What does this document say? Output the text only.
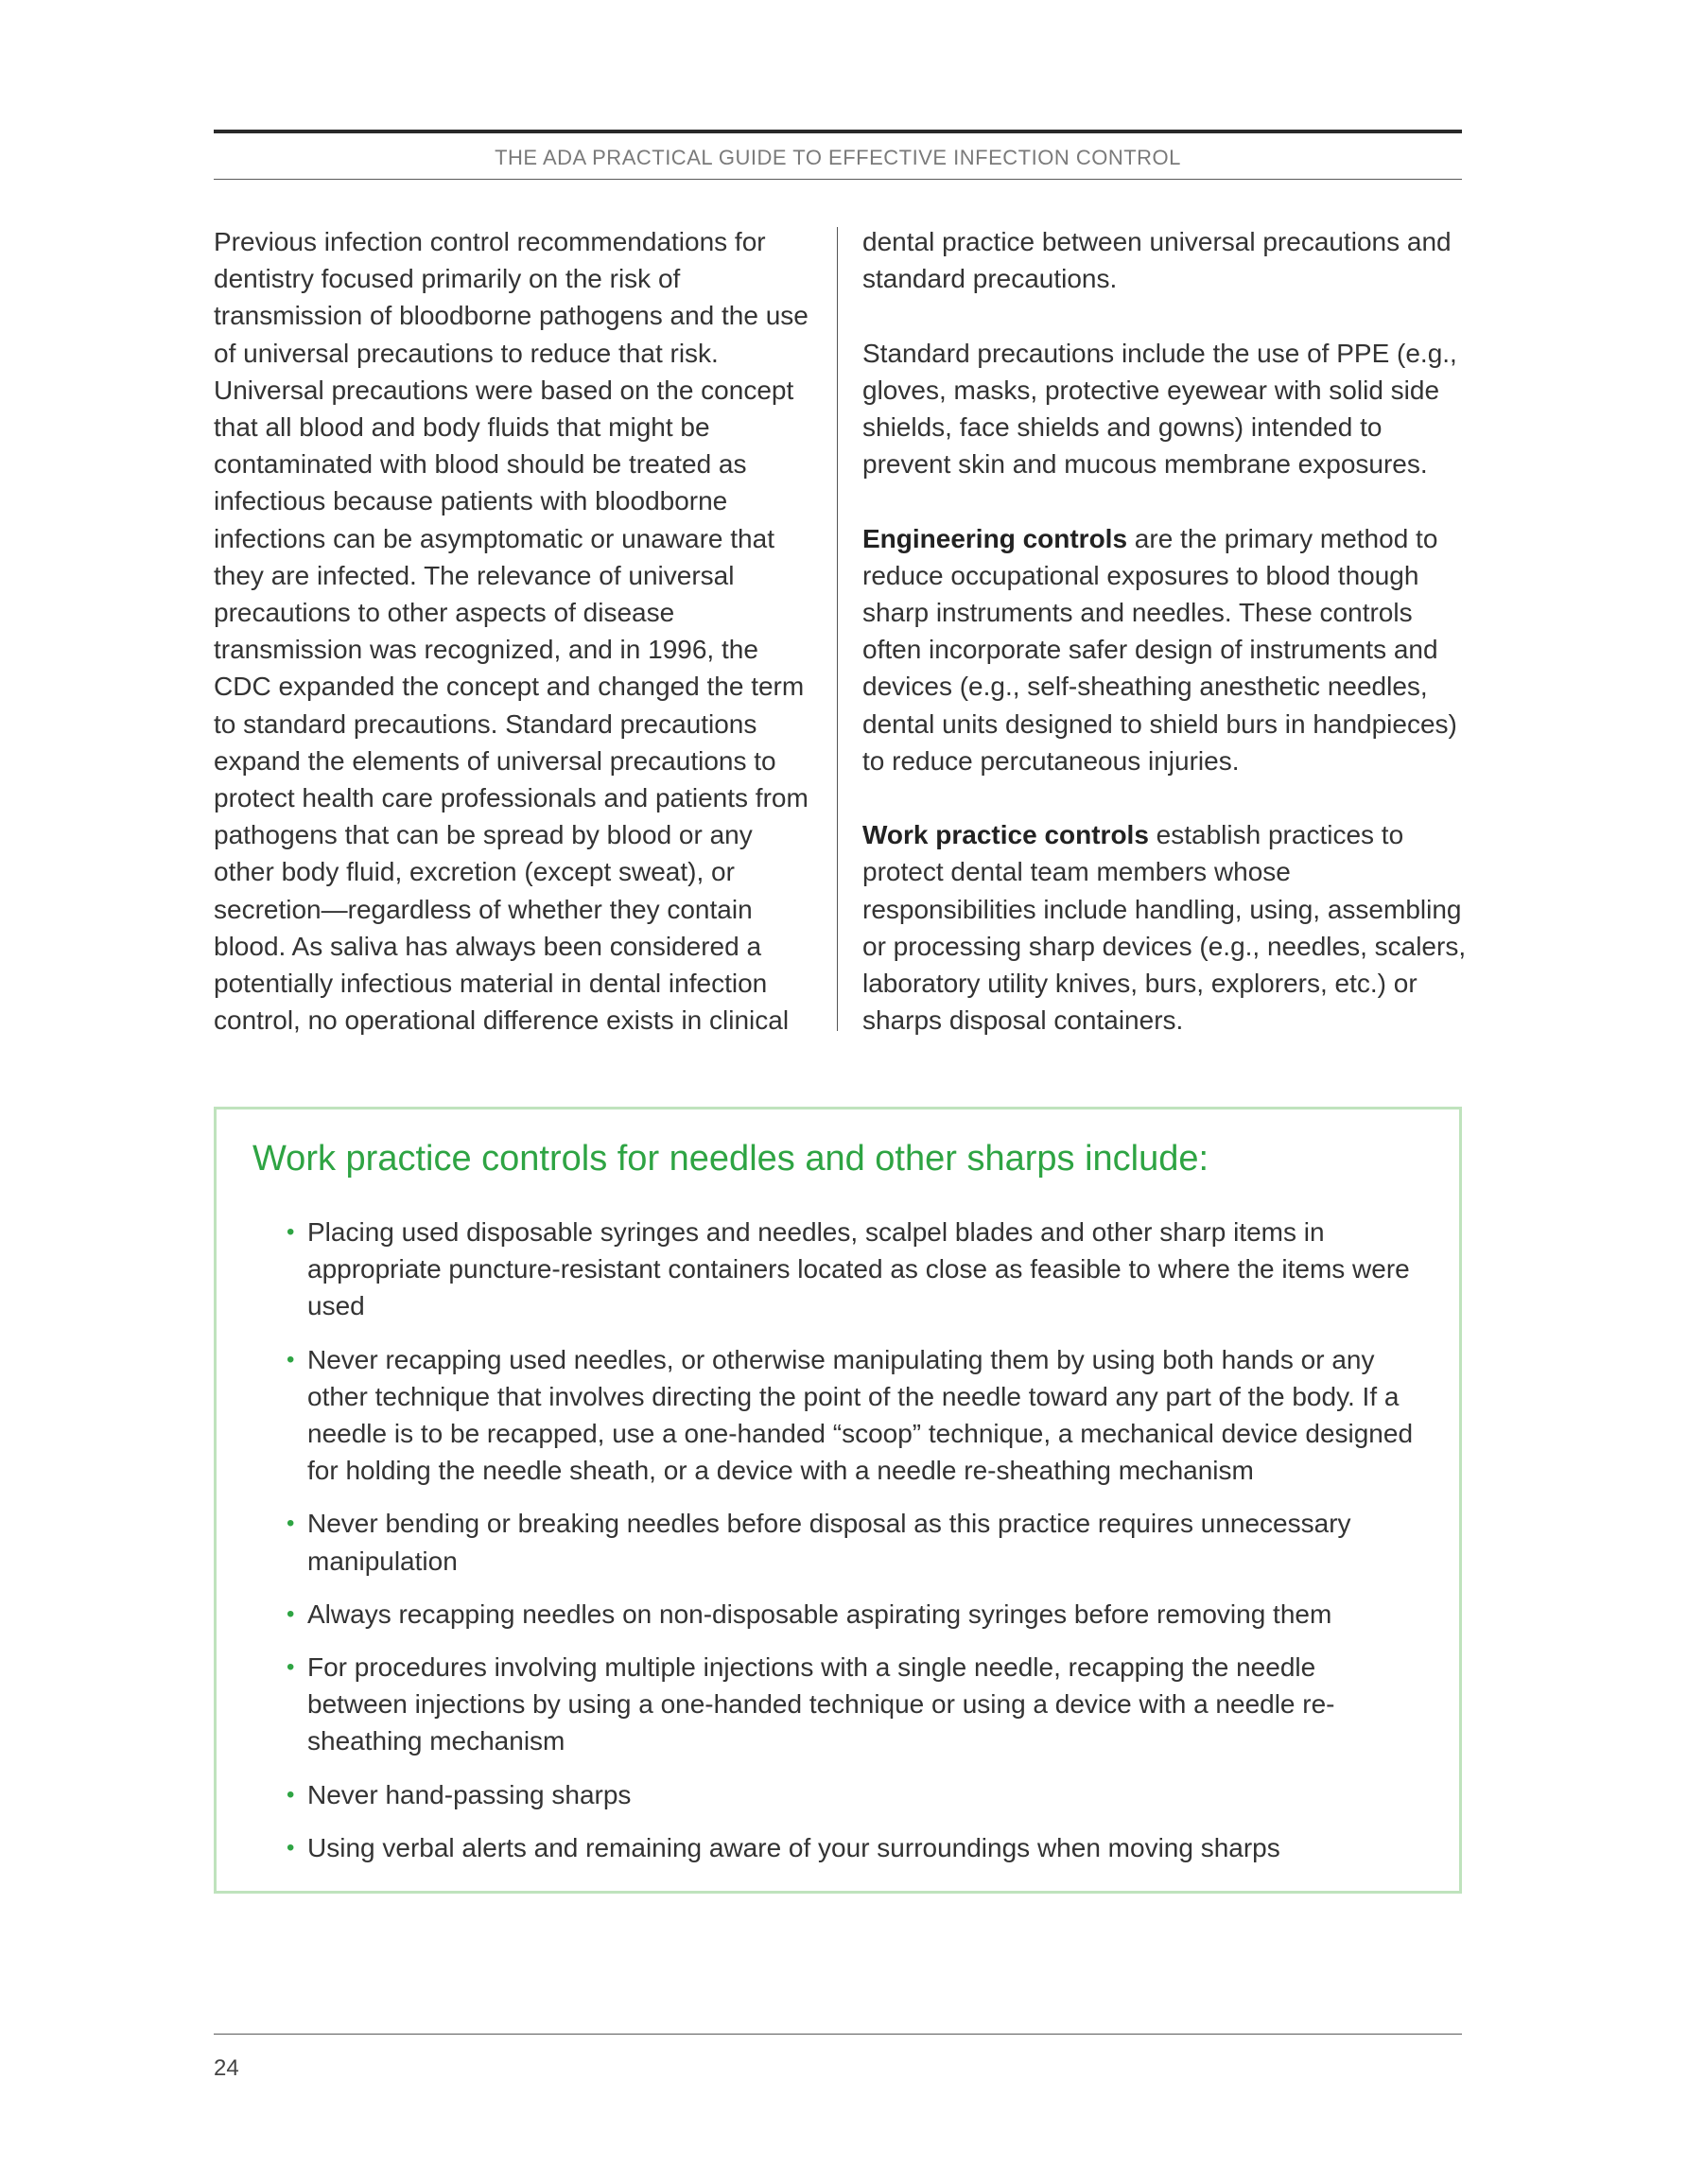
THE ADA PRACTICAL GUIDE TO EFFECTIVE INFECTION CONTROL

Previous infection control recommendations for dentistry focused primarily on the risk of transmission of bloodborne pathogens and the use of universal precautions to reduce that risk. Universal precautions were based on the concept that all blood and body fluids that might be contaminated with blood should be treated as infectious because patients with bloodborne infections can be asymptomatic or unaware that they are infected. The relevance of universal precautions to other aspects of disease transmission was recognized, and in 1996, the CDC expanded the concept and changed the term to standard precautions. Standard precautions expand the elements of universal precautions to protect health care professionals and patients from pathogens that can be spread by blood or any other body fluid, excretion (except sweat), or secretion—regardless of whether they contain blood. As saliva has always been considered a potentially infectious material in dental infection control, no operational difference exists in clinical

dental practice between universal precautions and standard precautions.

Standard precautions include the use of PPE (e.g., gloves, masks, protective eyewear with solid side shields, face shields and gowns) intended to prevent skin and mucous membrane exposures.

Engineering controls are the primary method to reduce occupational exposures to blood though sharp instruments and needles. These controls often incorporate safer design of instruments and devices (e.g., self-sheathing anesthetic needles, dental units designed to shield burs in handpieces) to reduce percutaneous injuries.

Work practice controls establish practices to protect dental team members whose responsibilities include handling, using, assembling or processing sharp devices (e.g., needles, scalers, laboratory utility knives, burs, explorers, etc.) or sharps disposal containers.

Work practice controls for needles and other sharps include:
• Placing used disposable syringes and needles, scalpel blades and other sharp items in appropriate puncture-resistant containers located as close as feasible to where the items were used
• Never recapping used needles, or otherwise manipulating them by using both hands or any other technique that involves directing the point of the needle toward any part of the body. If a needle is to be recapped, use a one-handed “scoop” technique, a mechanical device designed for holding the needle sheath, or a device with a needle re-sheathing mechanism
• Never bending or breaking needles before disposal as this practice requires unnecessary manipulation
• Always recapping needles on non-disposable aspirating syringes before removing them
• For procedures involving multiple injections with a single needle, recapping the needle between injections by using a one-handed technique or using a device with a needle re-sheathing mechanism
• Never hand-passing sharps
• Using verbal alerts and remaining aware of your surroundings when moving sharps
24
